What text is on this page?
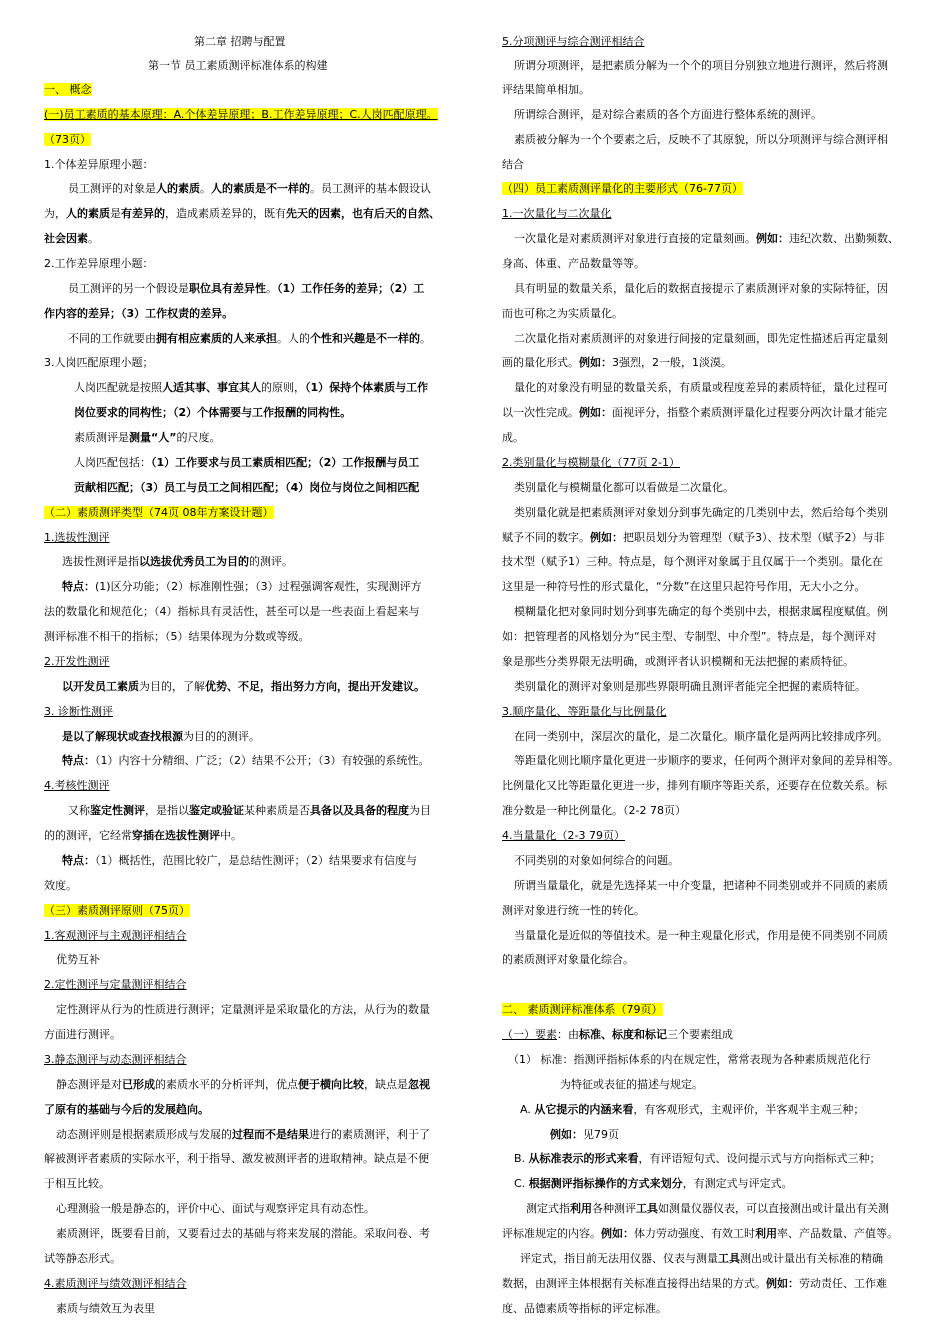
第二章 招聘与配置
第一节 员工素质测评标准体系的构建
一、 概念
(一)员工素质的基本原理：A.个体差异原理；B.工作差异原理；C.人岗匹配原理。
（73页）
1.个体差异原理小题：
员工测评的对象是人的素质。人的素质是不一样的。员工测评的基本假设认
为，人的素质是有差异的，造成素质差异的，既有先天的因素，也有后天的自然、
社会因素。
2.工作差异原理小题：
员工测评的另一个假设是职位具有差异性。（1）工作任务的差异；（2）工
作内容的差异；（3）工作权责的差异。
不同的工作就要由拥有相应素质的人来承担。人的个性和兴趣是不一样的。
3.人岗匹配原理小题；
人岗匹配就是按照人适其事、事宜其人的原则，（1）保持个体素质与工作
岗位要求的同构性；（2）个体需要与工作报酬的同构性。
素质测评是测量“人”的尺度。
人岗匹配包括：（1）工作要求与员工素质相匹配；（2）工作报酬与员工
贡献相匹配；（3）员工与员工之间相匹配；（4）岗位与岗位之间相匹配
（二）素质测评类型（74页 08年方案设计题）
1.选拔性测评
选拔性测评是指以选拔优秀员工为目的的测评。
特点：(1)区分功能；（2）标准刚性强；（3）过程强调客观性，实现测评方
法的数量化和规范化；（4）指标具有灵活性，甚至可以是一些表面上看起来与
测评标准不相干的指标；（5）结果体现为分数或等级。
2.开发性测评
以开发员工素质为目的，了解优势、不足，指出努力方向，提出开发建议。
3. 诊断性测评
是以了解现状或查找根源为目的的测评。
特点：（1）内容十分精细、广泛；（2）结果不公开；（3）有较强的系统性。
4.考核性测评
又称鉴定性测评，是指以鉴定或验证某种素质是否具备以及具备的程度为目
的的测评，它经常穿插在选拔性测评中。
特点：（1）概括性，范围比较广，是总结性测评；（2）结果要求有信度与
效度。
（三）素质测评原则（75页）
1.客观测评与主观测评相结合
优势互补
2.定性测评与定量测评相结合
定性测评从行为的性质进行测评；定量测评是采取量化的方法，从行为的数量
方面进行测评。
3.静态测评与动态测评相结合
静态测评是对已形成的素质水平的分析评判，优点便于横向比较，缺点是忽视
了原有的基础与今后的发展趋向。
动态测评则是根据素质形成与发展的过程而不是结果进行的素质测评，利于了
解被测评者素质的实际水平，利于指导、激发被测评者的进取精神。缺点是不便
于相互比较。
心理测验一般是静态的，评价中心、面试与观察评定具有动态性。
素质测评，既要看目前，又要看过去的基础与将来发展的潜能。采取问卷、考
试等静态形式。
4.素质测评与绩效测评相结合
素质与绩效互为表里
5.分项测评与综合测评相结合
所谓分项测评，是把素质分解为一个个的项目分别独立地进行测评，然后将测
评结果简单相加。
所谓综合测评，是对综合素质的各个方面进行整体系统的测评。
素质被分解为一个个要素之后，反映不了其原貌，所以分项测评与综合测评相
结合
（四）员工素质测评量化的主要形式（76-77页）
1.一次量化与二次量化
一次量化是对素质测评对象进行直接的定量刻画。例如：违纪次数、出勤频数、
身高、体重、产品数量等等。
具有明显的数量关系，量化后的数据直接提示了素质测评对象的实际特征，因
而也可称之为实质量化。
二次量化指对素质测评的对象进行间接的定量刻画，即先定性描述后再定量刻
画的量化形式。例如：3强烈，2一般，1淡漠。
量化的对象没有明显的数量关系，有质量或程度差异的素质特征，量化过程可
以一次性完成。例如：面视评分，指整个素质测评量化过程要分两次计量才能完
成。
2.类别量化与模糊量化（77页 2-1）
类别量化与模糊量化都可以看做是二次量化。
类别量化就是把素质测评对象划分到事先确定的几类别中去，然后给每个类别
赋予不同的数字。例如：把职员划分为管理型（赋予3）、技术型（赋予2）与非
技术型（赋予1）三种。特点是，每个测评对象属于且仅属于一个类别。量化在
这里是一种符号性的形式量化，“分数”在这里只起符号作用，无大小之分。
模糊量化把对象同时划分到事先确定的每个类别中去，根据隶属程度赋值。例
如：把管理者的风格划分为“民主型、专制型、中介型”。特点是，每个测评对
象是那些分类界限无法明确，或测评者认识模糊和无法把握的素质特征。
类别量化的测评对象则是那些界限明确且测评者能完全把握的素质特征。
3.顺序量化、等距量化与比例量化
在同一类别中，深层次的量化，是二次量化。顺序量化是两两比较排成序列。
等距量化则比顺序量化更进一步顺序的要求，任何两个测评对象间的差异相等。
比例量化又比等距量化更进一步，排列有顺序等距关系，还要存在位数关系。标
准分数是一种比例量化。（2-2 78页）
4.当量量化（2-3 79页）
不同类别的对象如何综合的问题。
所谓当量量化，就是先选择某一中介变量，把诸种不同类别或并不同质的素质
测评对象进行统一性的转化。
当量量化是近似的等值技术。是一种主观量化形式，作用是使不同类别不同质
的素质测评对象量化综合。
二、 素质测评标准体系（79页）
（一）要素：由标准、标度和标记三个要素组成
（1） 标准：指测评指标体系的内在规定性，常常表现为各种素质规范化行
为特征或表征的描述与规定。
A. 从它提示的内涵来看，有客观形式，主观评价，半客观半主观三种；
例如：见79页
B. 从标准表示的形式来看，有评语短句式、设问提示式与方向指标式三种；
C. 根据测评指标操作的方式来划分，有测定式与评定式。
测定式指利用各种测评工具如测量仪器仪表，可以直接测出或计量出有关测
评标准规定的内容。例如：体力劳动强度、有效工时利用率、产品数量、产值等。
评定式，指目前无法用仪器、仪表与测量工具测出或计量出有关标准的精确
数据，由测评主体根据有关标准直接得出结果的方式。例如：劳动责任、工作难
度、品德素质等指标的评定标准。
